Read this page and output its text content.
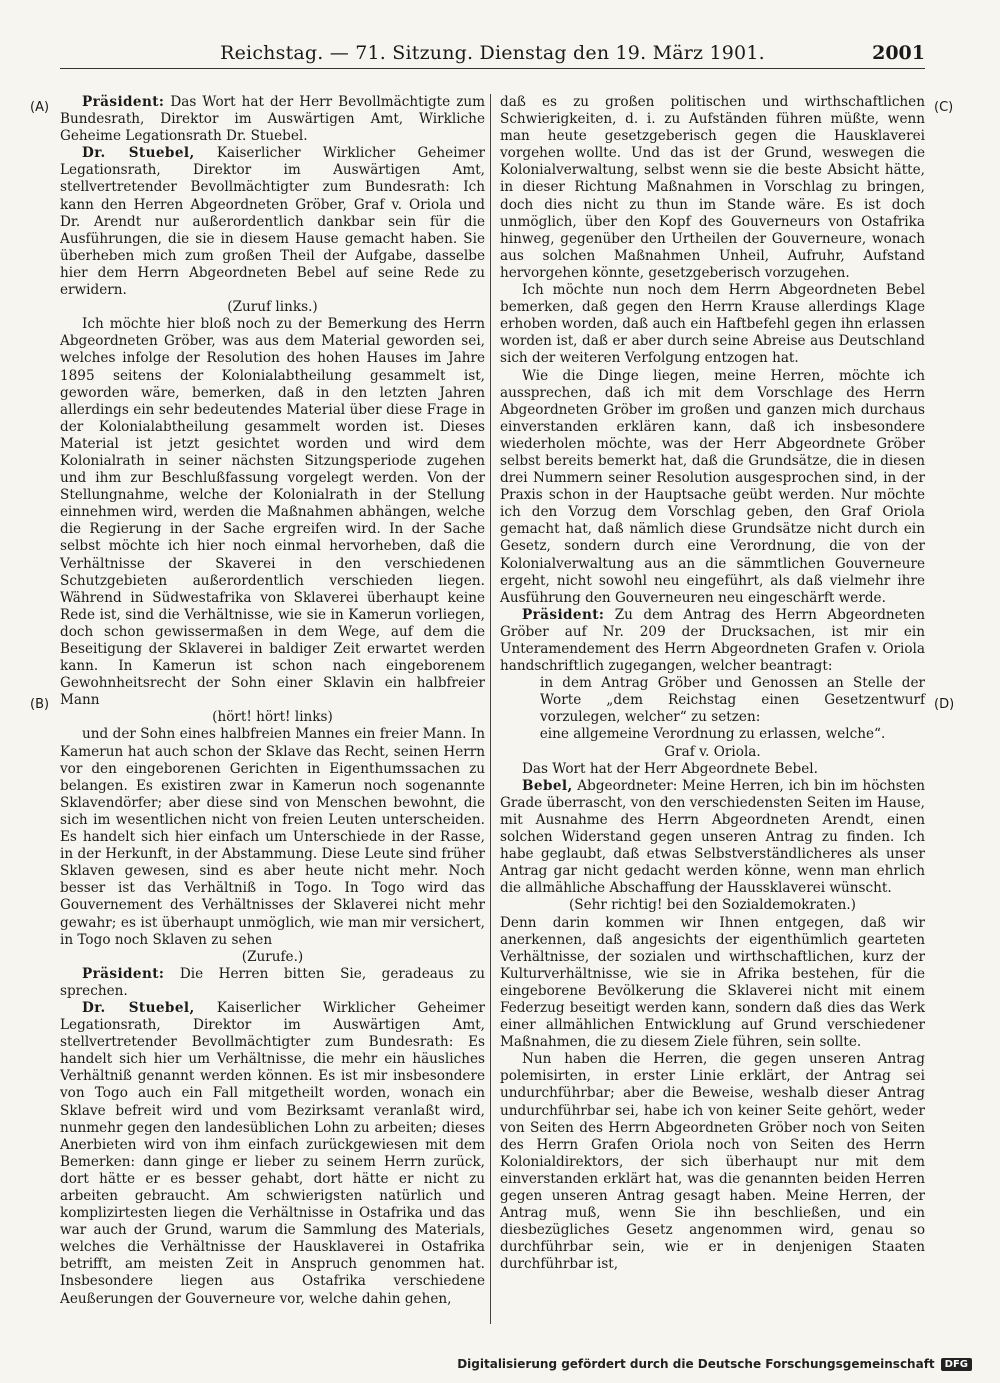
Reichstag. — 71. Sitzung. Dienstag den 19. März 1901.	2001
(A)
(B)
(C)
(D)

Präsident: Das Wort hat der Herr Bevollmächtigte zum Bundesrath, Direktor im Auswärtigen Amt, Wirkliche Geheime Legationsrath Dr. Stuebel.

Dr. Stuebel, Kaiserlicher Wirklicher Geheimer Legationsrath, Direktor im Auswärtigen Amt, stellvertretender Bevollmächtigter zum Bundesrath: Ich kann den Herren Abgeordneten Gröber, Graf v. Oriola und Dr. Arendt nur außerordentlich dankbar sein für die Ausführungen, die sie in diesem Hause gemacht haben. Sie überheben mich zum großen Theil der Aufgabe, dasselbe hier dem Herrn Abgeordneten Bebel auf seine Rede zu erwidern.

(Zuruf links.)

Ich möchte hier bloß noch zu der Bemerkung des Herrn Abgeordneten Gröber, was aus dem Material geworden sei, welches infolge der Resolution des hohen Hauses im Jahre 1895 seitens der Kolonialabtheilung gesammelt ist, geworden wäre, bemerken, daß in den letzten Jahren allerdings ein sehr bedeutendes Material über diese Frage in der Kolonialabtheilung gesammelt worden ist. Dieses Material ist jetzt gesichtet worden und wird dem Kolonialrath in seiner nächsten Sitzungsperiode zugehen und ihm zur Beschlußfassung vorgelegt werden. Von der Stellungnahme, welche der Kolonialrath in der Stellung einnehmen wird, werden die Maßnahmen abhängen, welche die Regierung in der Sache ergreifen wird. In der Sache selbst möchte ich hier noch einmal hervorheben, daß die Verhältnisse der Skaverei in den verschiedenen Schutzgebieten außerordentlich verschieden liegen. Während in Südwestafrika von Sklaverei überhaupt keine Rede ist, sind die Verhältnisse, wie sie in Kamerun vorliegen, doch schon gewissermaßen in dem Wege, auf dem die Beseitigung der Sklaverei in baldiger Zeit erwartet werden kann. In Kamerun ist schon nach eingeborenem Gewohnheitsrecht der Sohn einer Sklavin ein halbfreier Mann

(hört! hört! links)

und der Sohn eines halbfreien Mannes ein freier Mann. In Kamerun hat auch schon der Sklave das Recht, seinen Herrn vor den eingeborenen Gerichten in Eigenthumssachen zu belangen. Es existiren zwar in Kamerun noch sogenannte Sklavendörfer; aber diese sind von Menschen bewohnt, die sich im wesentlichen nicht von freien Leuten unterscheiden. Es handelt sich hier einfach um Unterschiede in der Rasse, in der Herkunft, in der Abstammung. Diese Leute sind früher Sklaven gewesen, sind es aber heute nicht mehr. Noch besser ist das Verhältniß in Togo. In Togo wird das Gouvernement des Verhältnisses der Sklaverei nicht mehr gewahr; es ist überhaupt unmöglich, wie man mir versichert, in Togo noch Sklaven zu sehen

(Zurufe.)

Präsident: Die Herren bitten Sie, geradeaus zu sprechen.

Dr. Stuebel, Kaiserlicher Wirklicher Geheimer Legationsrath, Direktor im Auswärtigen Amt, stellvertretender Bevollmächtigter zum Bundesrath: Es handelt sich hier um Verhältnisse, die mehr ein häusliches Verhältniß genannt werden können. Es ist mir insbesondere von Togo auch ein Fall mitgetheilt worden, wonach ein Sklave befreit wird und vom Bezirksamt veranlaßt wird, nunmehr gegen den landesüblichen Lohn zu arbeiten; dieses Anerbieten wird von ihm einfach zurückgewiesen mit dem Bemerken: dann ginge er lieber zu seinem Herrn zurück, dort hätte er es besser gehabt, dort hätte er nicht zu arbeiten gebraucht. Am schwierigsten natürlich und komplizirtesten liegen die Verhältnisse in Ostafrika und das war auch der Grund, warum die Sammlung des Materials, welches die Verhältnisse der Hausklaverei in Ostafrika betrifft, am meisten Zeit in Anspruch genommen hat. Insbesondere liegen aus Ostafrika verschiedene Aeußerungen der Gouverneure vor, welche dahin gehen,

daß es zu großen politischen und wirthschaftlichen Schwierigkeiten, d. i. zu Aufständen führen müßte, wenn man heute gesetzgeberisch gegen die Hausklaverei vorgehen wollte. Und das ist der Grund, weswegen die Kolonialverwaltung, selbst wenn sie die beste Absicht hätte, in dieser Richtung Maßnahmen in Vorschlag zu bringen, doch dies nicht zu thun im Stande wäre. Es ist doch unmöglich, über den Kopf des Gouverneurs von Ostafrika hinweg, gegenüber den Urtheilen der Gouverneure, wonach aus solchen Maßnahmen Unheil, Aufruhr, Aufstand hervorgehen könnte, gesetzgeberisch vorzugehen.

Ich möchte nun noch dem Herrn Abgeordneten Bebel bemerken, daß gegen den Herrn Krause allerdings Klage erhoben worden, daß auch ein Haftbefehl gegen ihn erlassen worden ist, daß er aber durch seine Abreise aus Deutschland sich der weiteren Verfolgung entzogen hat.

Wie die Dinge liegen, meine Herren, möchte ich aussprechen, daß ich mit dem Vorschlage des Herrn Abgeordneten Gröber im großen und ganzen mich durchaus einverstanden erklären kann, daß ich insbesondere wiederholen möchte, was der Herr Abgeordnete Gröber selbst bereits bemerkt hat, daß die Grundsätze, die in diesen drei Nummern seiner Resolution ausgesprochen sind, in der Praxis schon in der Hauptsache geübt werden. Nur möchte ich den Vorzug dem Vorschlag geben, den Graf Oriola gemacht hat, daß nämlich diese Grundsätze nicht durch ein Gesetz, sondern durch eine Verordnung, die von der Kolonialverwaltung aus an die sämmtlichen Gouverneure ergeht, nicht sowohl neu eingeführt, als daß vielmehr ihre Ausführung den Gouverneuren neu eingeschärft werde.

Präsident: Zu dem Antrag des Herrn Abgeordneten Gröber auf Nr. 209 der Drucksachen, ist mir ein Unteramendement des Herrn Abgeordneten Grafen v. Oriola handschriftlich zugegangen, welcher beantragt:

in dem Antrag Gröber und Genossen an Stelle der Worte „dem Reichstag einen Gesetzentwurf vorzulegen, welcher“ zu setzen:

eine allgemeine Verordnung zu erlassen, welche“.

Graf v. Oriola.

Das Wort hat der Herr Abgeordnete Bebel.

Bebel, Abgeordneter: Meine Herren, ich bin im höchsten Grade überrascht, von den verschiedensten Seiten im Hause, mit Ausnahme des Herrn Abgeordneten Arendt, einen solchen Widerstand gegen unseren Antrag zu finden. Ich habe geglaubt, daß etwas Selbstverständlicheres als unser Antrag gar nicht gedacht werden könne, wenn man ehrlich die allmähliche Abschaffung der Haussklaverei wünscht.

(Sehr richtig! bei den Sozialdemokraten.)

Denn darin kommen wir Ihnen entgegen, daß wir anerkennen, daß angesichts der eigenthümlich gearteten Verhältnisse, der sozialen und wirthschaftlichen, kurz der Kulturverhältnisse, wie sie in Afrika bestehen, für die eingeborene Bevölkerung die Sklaverei nicht mit einem Federzug beseitigt werden kann, sondern daß dies das Werk einer allmählichen Entwicklung auf Grund verschiedener Maßnahmen, die zu diesem Ziele führen, sein sollte.

Nun haben die Herren, die gegen unseren Antrag polemisirten, in erster Linie erklärt, der Antrag sei undurchführbar; aber die Beweise, weshalb dieser Antrag undurchführbar sei, habe ich von keiner Seite gehört, weder von Seiten des Herrn Abgeordneten Gröber noch von Seiten des Herrn Grafen Oriola noch von Seiten des Herrn Kolonialdirektors, der sich überhaupt nur mit dem einverstanden erklärt hat, was die genannten beiden Herren gegen unseren Antrag gesagt haben. Meine Herren, der Antrag muß, wenn Sie ihn beschließen, und ein diesbezügliches Gesetz angenommen wird, genau so durchführbar sein, wie er in denjenigen Staaten durchführbar ist,

Digitalisierung gefördert durch die Deutsche Forschungsgemeinschaft	DFG
